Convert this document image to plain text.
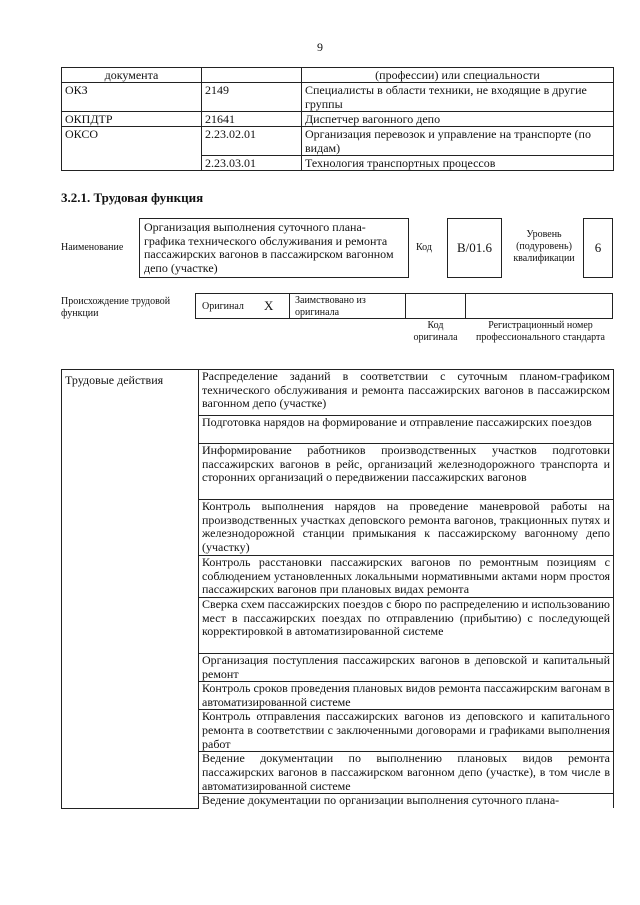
9
документа		(профессии) или специальности
ОКЗ	2149	Специалисты в области техники, не входящие в другие группы
ОКПДТР	21641	Диспетчер вагонного депо
ОКСО	2.23.02.01	Организация перевозок и управление на транспорте (по видам)
	2.23.03.01	Технология транспортных процессов
3.2.1. Трудовая функция
Наименование
Организация выполнения суточного плана-графика технического обслуживания и ремонта пассажирских вагонов в пассажирском вагонном депо (участке)
Код В/01.6
Уровень (подуровень) квалификации
6
Происхождение трудовой функции
Оригинал X Заимствовано из оригинала
Код оригинала
Регистрационный номер профессионального стандарта
Трудовые действия	Распределение заданий в соответствии с суточным планом-графиком технического обслуживания и ремонта пассажирских вагонов в пассажирском вагонном депо (участке)
Подготовка нарядов на формирование и отправление пассажирских поездов
Информирование работников производственных участков подготовки пассажирских вагонов в рейс, организаций железнодорожного транспорта и сторонних организаций о передвижении пассажирских вагонов
Контроль выполнения нарядов на проведение маневровой работы на производственных участках деповского ремонта вагонов, тракционных путях и железнодорожной станции примыкания к пассажирскому вагонному депо (участку)
Контроль расстановки пассажирских вагонов по ремонтным позициям с соблюдением установленных локальными нормативными актами норм простоя пассажирских вагонов при плановых видах ремонта
Сверка схем пассажирских поездов с бюро по распределению и использованию мест в пассажирских поездах по отправлению (прибытию) с последующей корректировкой в автоматизированной системе
Организация поступления пассажирских вагонов в деповской и капитальный ремонт
Контроль сроков проведения плановых видов ремонта пассажирским вагонам в автоматизированной системе
Контроль отправления пассажирских вагонов из деповского и капитального ремонта в соответствии с заключенными договорами и графиками выполнения работ
Ведение документации по выполнению плановых видов ремонта пассажирских вагонов в пассажирском вагонном депо (участке), в том числе в автоматизированной системе
Ведение документации по организации выполнения суточного плана-
